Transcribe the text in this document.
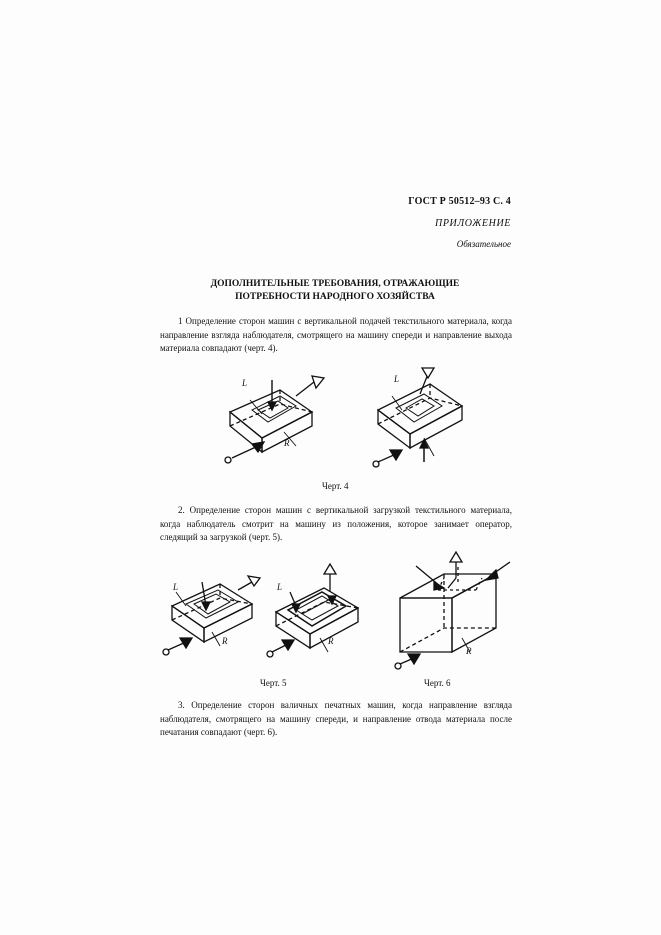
ГОСТ Р 50512–93 С. 4
ПРИЛОЖЕНИЕ
Обязательное
ДОПОЛНИТЕЛЬНЫЕ ТРЕБОВАНИЯ, ОТРАЖАЮЩИЕ
ПОТРЕБНОСТИ НАРОДНОГО ХОЗЯЙСТВА
1 Определение сторон машин с вертикальной подачей текстильного материала, когда направление взгляда наблюдателя, смотрящего на машину спереди и направление выхода материала совпадают (черт. 4).
L
R
L
Черт. 4
2. Определение сторон машин с вертикальной загрузкой текстильного материала, когда наблюдатель смотрит на машину из положения, которое занимает оператор, следящий за загрузкой (черт. 5).
L
R
L
R
R
Черт. 5	Черт. 6
3. Определение сторон валичных печатных машин, когда направление взгляда наблюдателя, смотрящего на машину спереди, и направление отвода материала после печатания совпадают (черт. 6).
